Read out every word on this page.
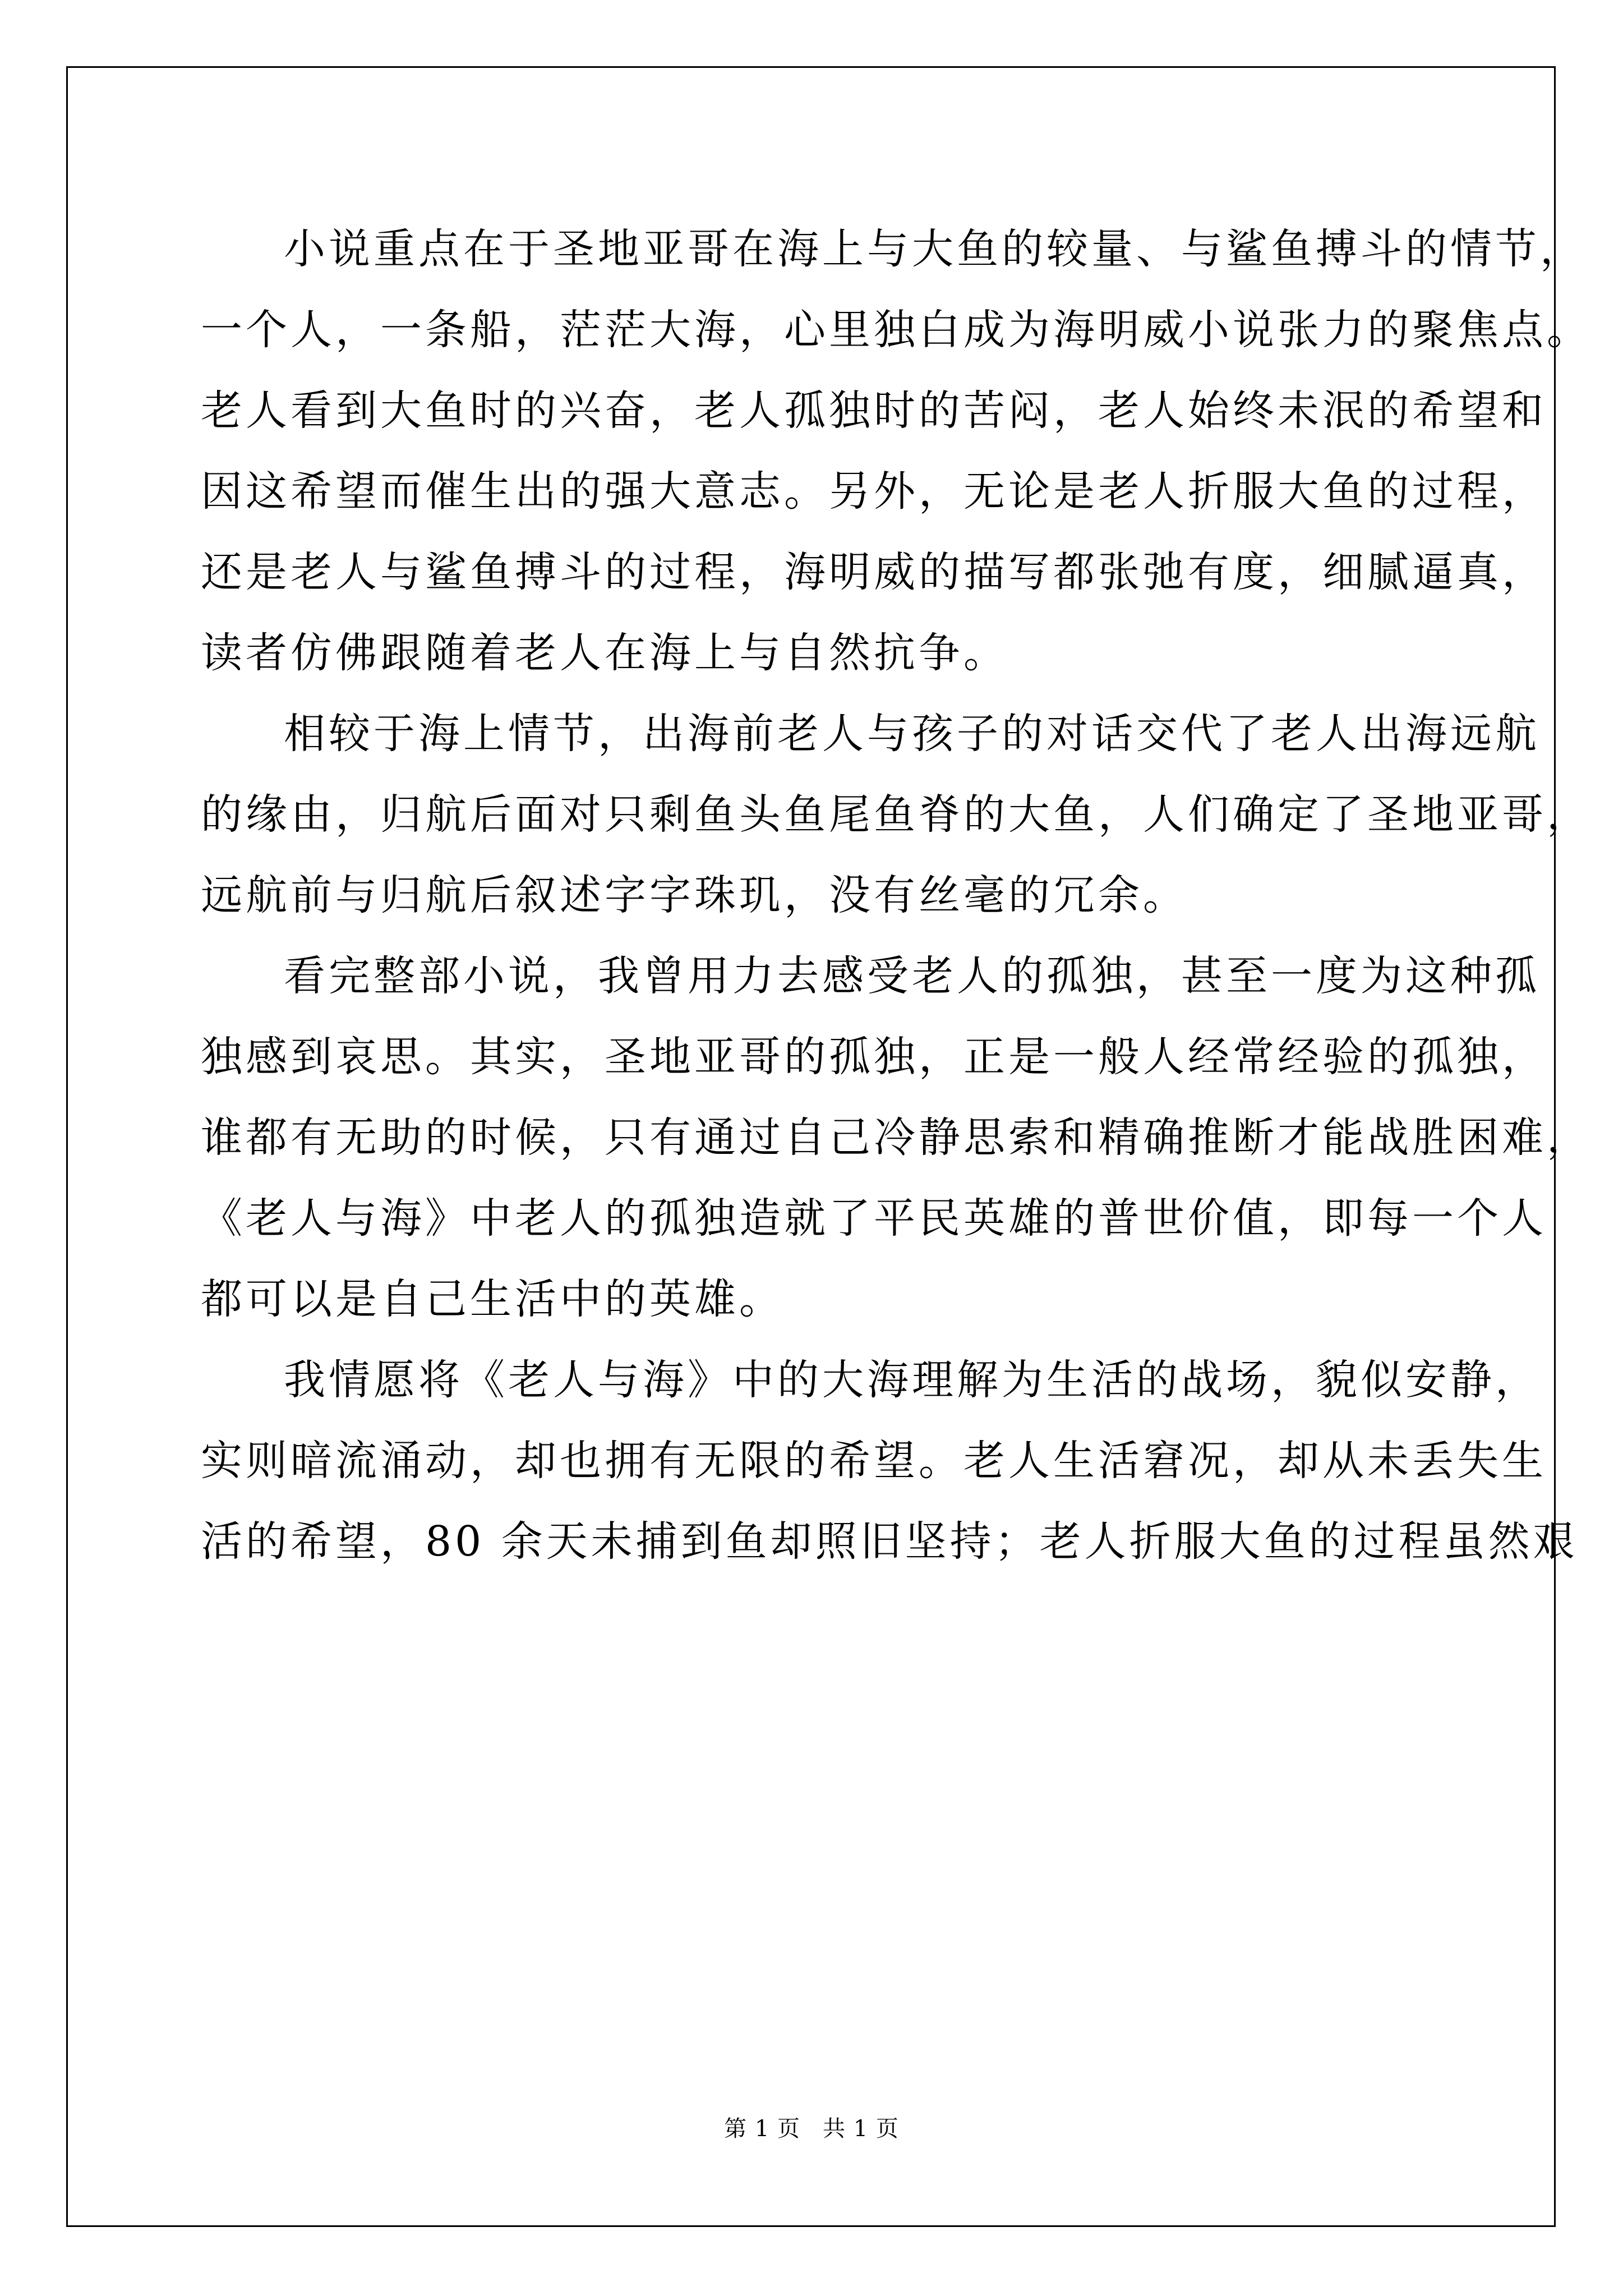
小说重点在于圣地亚哥在海上与大鱼的较量、与鲨鱼搏斗的情节，
一个人，一条船，茫茫大海，心里独白成为海明威小说张力的聚焦点。
老人看到大鱼时的兴奋，老人孤独时的苦闷，老人始终未泯的希望和
因这希望而催生出的强大意志。另外，无论是老人折服大鱼的过程，
还是老人与鲨鱼搏斗的过程，海明威的描写都张弛有度，细腻逼真，
读者仿佛跟随着老人在海上与自然抗争。
相较于海上情节，出海前老人与孩子的对话交代了老人出海远航
的缘由，归航后面对只剩鱼头鱼尾鱼脊的大鱼，人们确定了圣地亚哥，
远航前与归航后叙述字字珠玑，没有丝毫的冗余。
看完整部小说，我曾用力去感受老人的孤独，甚至一度为这种孤
独感到哀思。其实，圣地亚哥的孤独，正是一般人经常经验的孤独，
谁都有无助的时候，只有通过自己冷静思索和精确推断才能战胜困难，
《老人与海》中老人的孤独造就了平民英雄的普世价值，即每一个人
都可以是自己生活中的英雄。
我情愿将《老人与海》中的大海理解为生活的战场，貌似安静，
实则暗流涌动，却也拥有无限的希望。老人生活窘况，却从未丢失生
活的希望，80 余天未捕到鱼却照旧坚持；老人折服大鱼的过程虽然艰
第 1 页 共 1 页
